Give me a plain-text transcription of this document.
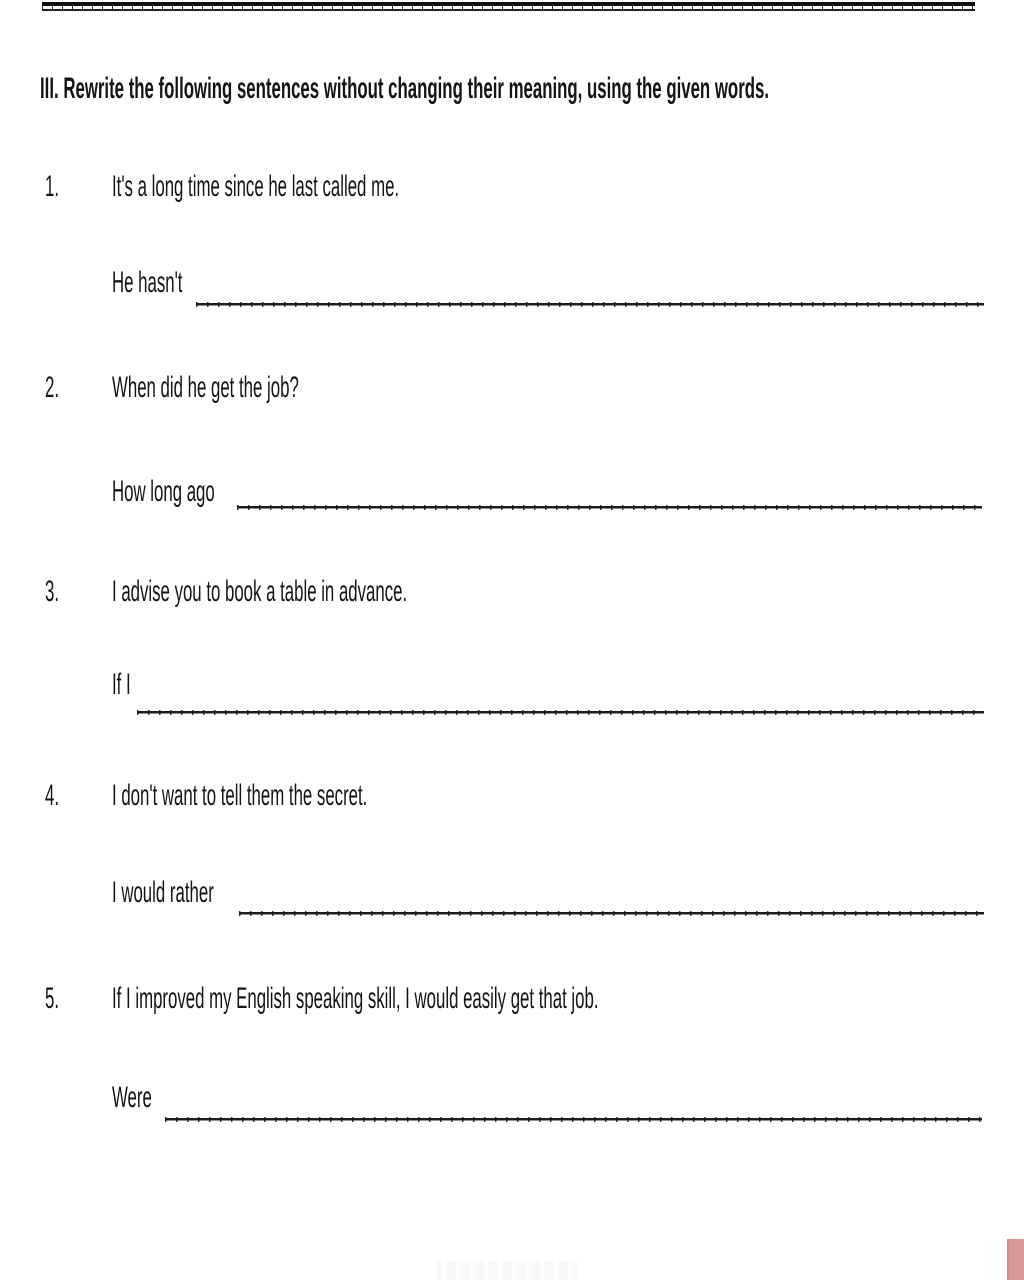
III. Rewrite the following sentences without changing their meaning, using the given words.
1.	It's a long time since he last called me.
He hasn't
2.	When did he get the job?
How long ago
3.	I advise you to book a table in advance.
If I
4.	I don't want to tell them the secret.
I would rather
5.	If I improved my English speaking skill, I would easily get that job.
Were
